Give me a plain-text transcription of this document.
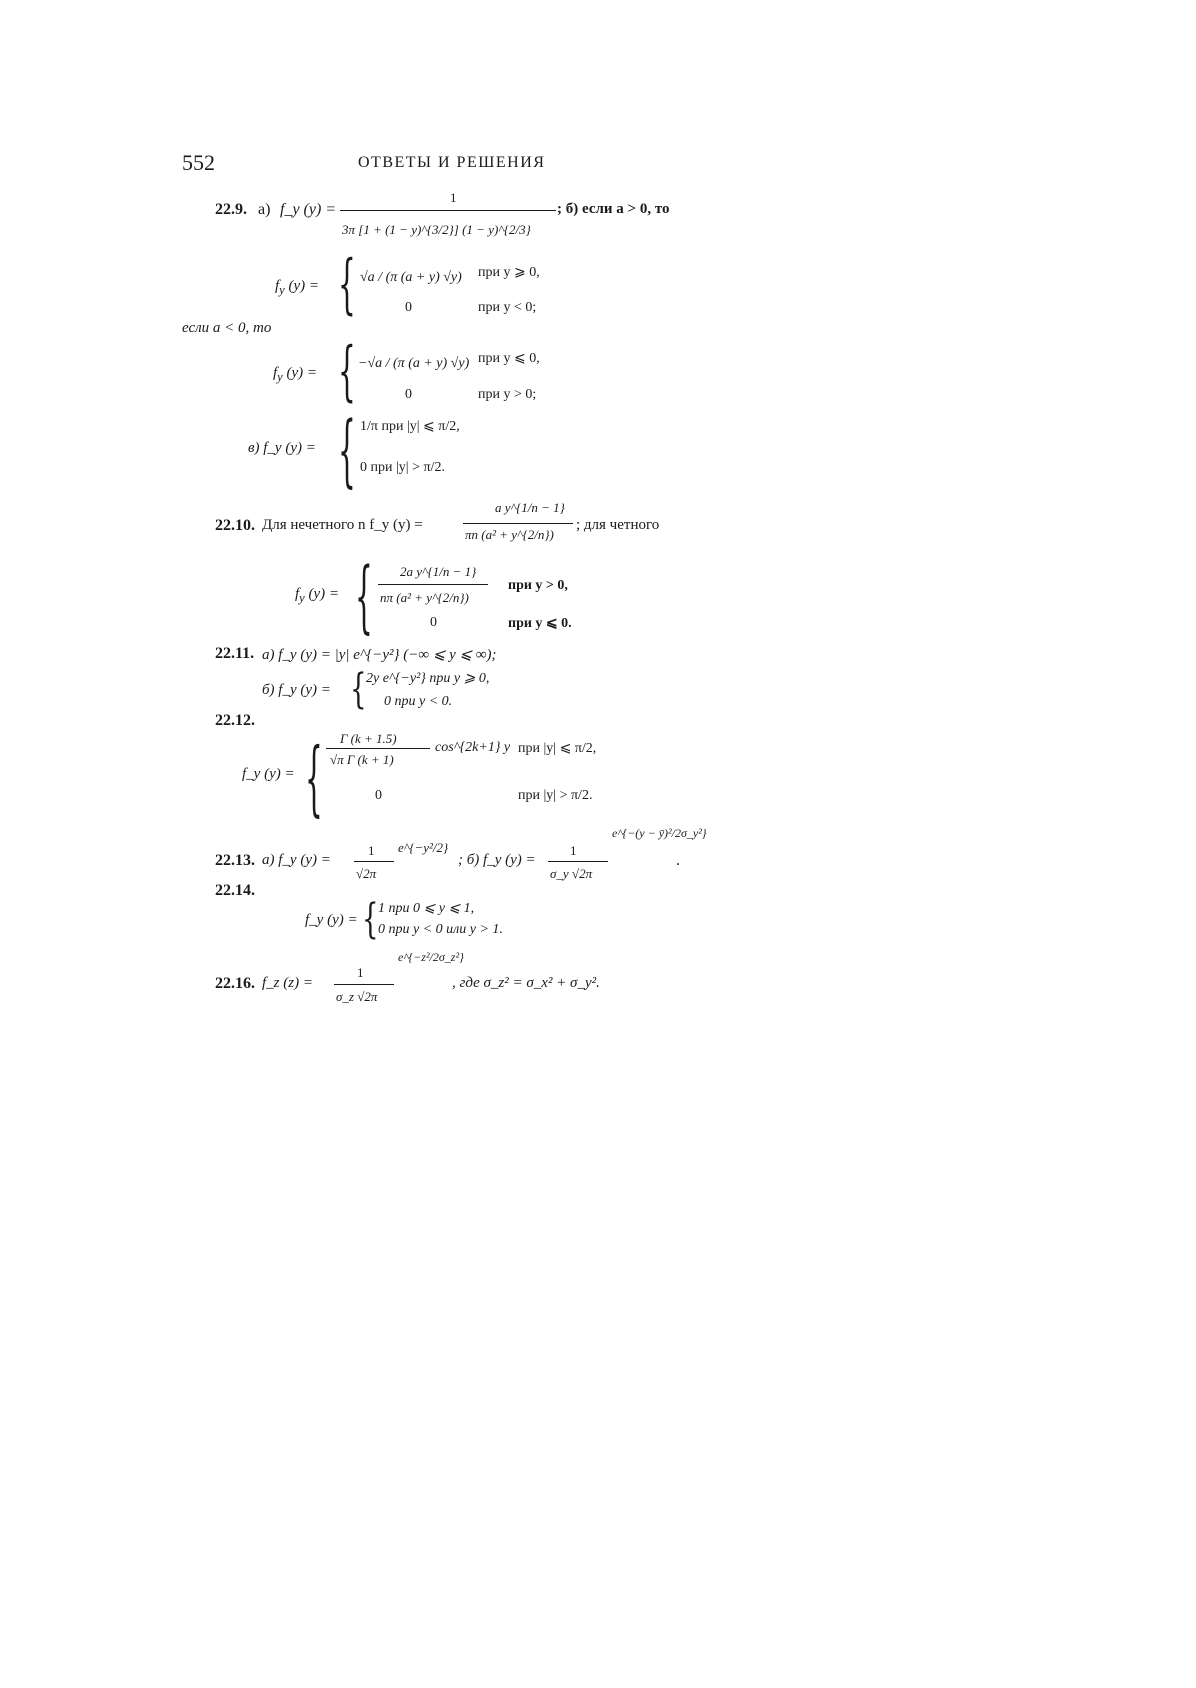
552	ОТВЕТЫ И РЕШЕНИЯ
22.9. а) f_y (y) =
1
3π [1 + (1 − y)^{3/2}] (1 − y)^{2/3}
; б) если a > 0, то
$f_y$ (y) = { √a / (π (a + y) √y) при y ⩾ 0,
0	при y < 0;
если a < 0, то
$f_y$ (y) = { −√a / (π (a + y) √y) при y ⩽ 0,
0	при y > 0;
в) f_y (y) = { 1/π при |y| ⩽ π/2,
0 при |y| > π/2.
22.10. Для нечетного n f_y (y) =
a y^{1/n − 1}
πn (a² + y^{2/n})
; для четного
$f_y$ (y) = { 2a y^{1/n − 1}
nπ (a² + y^{2/n})
при y > 0,
0	при y ⩽ 0.
22.11. а) f_y (y) = |y| e^{−y²} (−∞ ⩽ y ⩽ ∞);
б) f_y (y) = { 2y e^{−y²} при y ⩾ 0,
0 при y < 0.
22.12.
f_y (y) = { Γ (k + 1.5)
√π Γ (k + 1)
cos^{2k+1} y при |y| ⩽ π/2,
0	при |y| > π/2.
22.13. а) f_y (y) =
1
√2π
e^{−y²/2}
; б) f_y (y) =
1
σ_y √2π
e^{−(y − ȳ)²/2σ_y²}
.
22.14.
f_y (y) = { 1 при 0 ⩽ y ⩽ 1,
0 при y < 0 или y > 1.
22.16. f_z (z) =
1
σ_z √2π
e^{−z²/2σ_z²}
, где σ_z² = σ_x² + σ_y².
